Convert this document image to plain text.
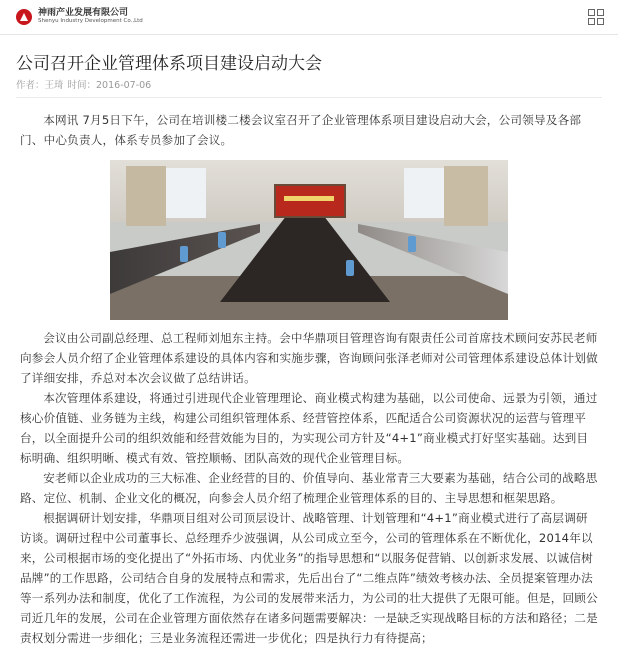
神雨产业发展有限公司
Shenyu Industry Development Co.,Ltd
公司召开企业管理体系项目建设启动大会
作者：王琦 时间：2016-07-06

本网讯 7月5日下午，公司在培训楼二楼会议室召开了企业管理体系项目建设启动大会，公司领导及各部门、中心负责人，体系专员参加了会议。

会议由公司副总经理、总工程师刘旭东主持。会中华鼎项目管理咨询有限责任公司首席技术顾问安苏民老师向参会人员介绍了企业管理体系建设的具体内容和实施步骤，咨询顾问张泽老师对公司管理体系建设总体计划做了详细安排，乔总对本次会议做了总结讲话。

本次管理体系建设，将通过引进现代企业管理理论、商业模式构建为基础，以公司使命、远景为引领，通过核心价值链、业务链为主线，构建公司组织管理体系、经营管控体系，匹配适合公司资源状况的运营与管理平台，以全面提升公司的组织效能和经营效能为目的，为实现公司方针及“4+1”商业模式打好坚实基础。达到目标明确、组织明晰、模式有效、管控顺畅、团队高效的现代企业管理目标。

安老师以企业成功的三大标准、企业经营的目的、价值导向、基业常青三大要素为基础，结合公司的战略思路、定位、机制、企业文化的概况，向参会人员介绍了梳理企业管理体系的目的、主导思想和框架思路。

根据调研计划安排，华鼎项目组对公司顶层设计、战略管理、计划管理和“4+1”商业模式进行了高层调研访谈。调研过程中公司董事长、总经理乔少波强调，从公司成立至今，公司的管理体系在不断优化，2014年以来，公司根据市场的变化提出了“外拓市场、内优业务”的指导思想和“以服务促营销、以创新求发展、以诚信树品牌”的工作思路，公司结合自身的发展特点和需求，先后出台了“二维点阵”绩效考核办法、全员提案管理办法等一系列办法和制度，优化了工作流程，为公司的发展带来活力，为公司的壮大提供了无限可能。但是，回顾公司近几年的发展，公司在企业管理方面依然存在诸多问题需要解决：一是缺乏实现战略目标的方法和路径；二是责权划分需进一步细化；三是业务流程还需进一步优化；四是执行力有待提高；
